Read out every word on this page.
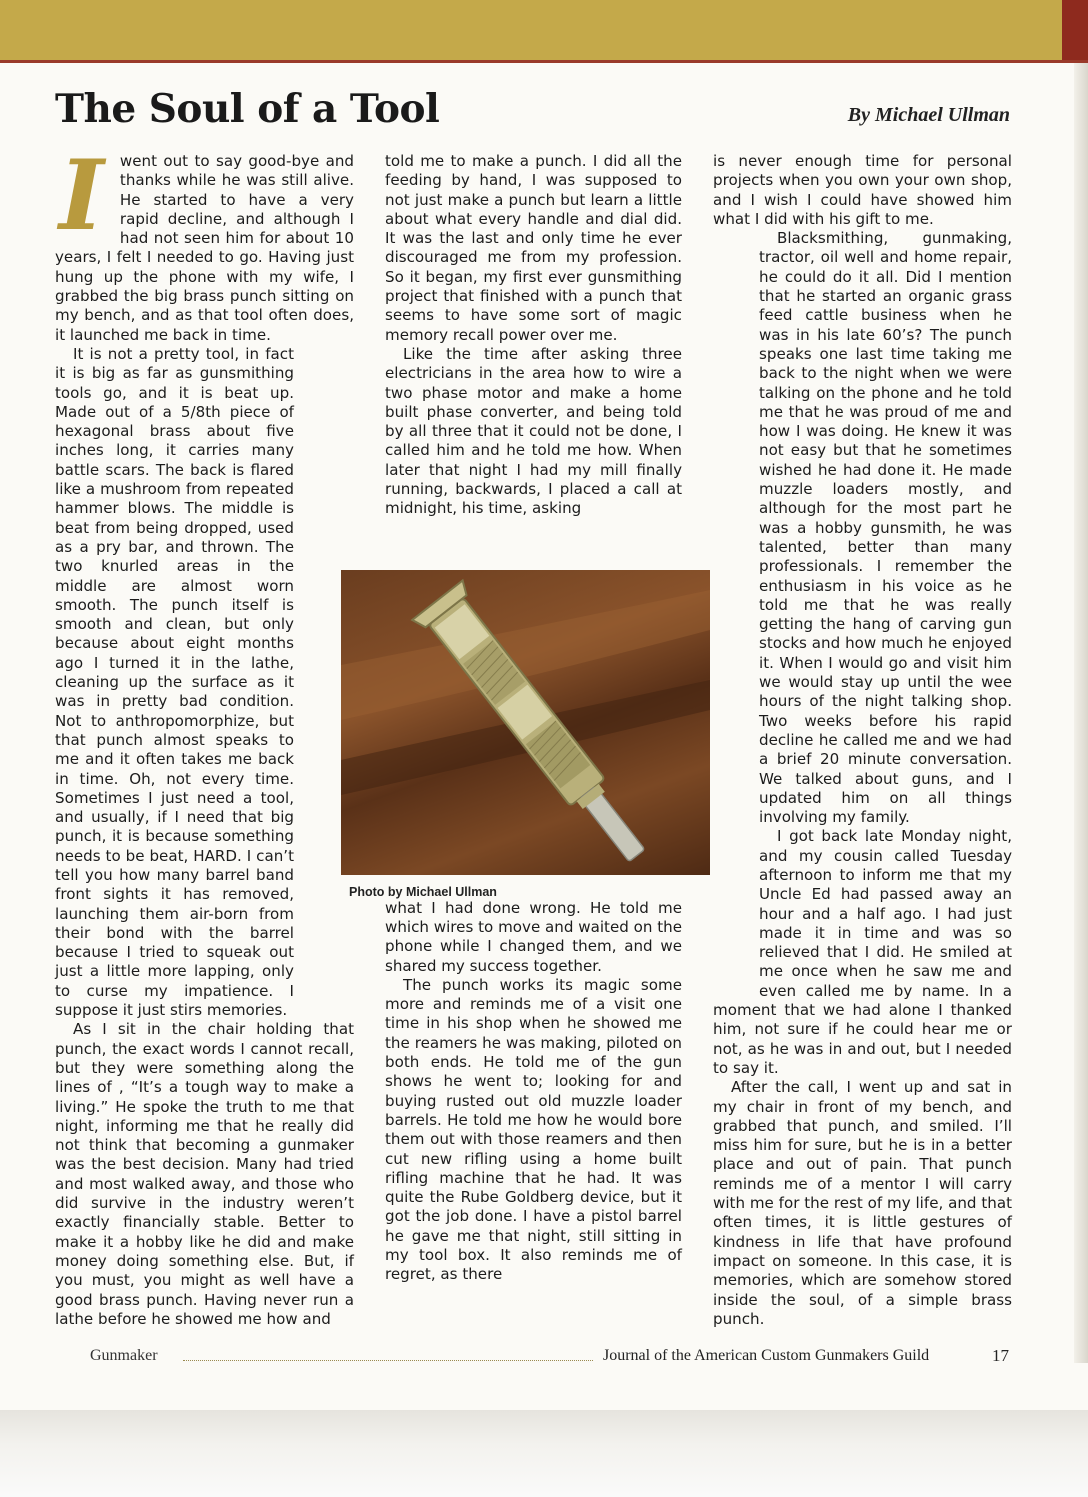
The Soul of a Tool	By Michael Ullman

I	went out to say good-bye and thanks while he was still alive. He started to have a very rapid decline, and although I had not seen him for about 10 years, I felt I needed to go. Having just hung up the phone with my wife, I grabbed the big brass punch sitting on my bench, and as that tool often does, it launched me back in time.

It is not a pretty tool, in fact it is big as far as gunsmithing tools go, and it is beat up. Made out of a 5/8th piece of hexagonal brass about five inches long, it carries many battle scars. The back is flared like a mushroom from repeated hammer blows. The middle is beat from being dropped, used as a pry bar, and thrown. The two knurled areas in the middle are almost worn smooth. The punch itself is smooth and clean, but only because about eight months ago I turned it in the lathe, cleaning up the surface as it was in pretty bad condition. Not to anthropomorphize, but that punch almost speaks to me and it often takes me back in time. Oh, not every time. Sometimes I just need a tool, and usually, if I need that big punch, it is because something needs to be beat, HARD. I can’t tell you how many barrel band front sights it has removed, launching them air-born from their bond with the barrel because I tried to squeak out just a little more lapping, only to curse my impatience. I suppose it just stirs memories.

As I sit in the chair holding that punch, the exact words I cannot recall, but they were something along the lines of , “It’s a tough way to make a living.” He spoke the truth to me that night, informing me that he really did not think that becoming a gunmaker was the best decision. Many had tried and most walked away, and those who did survive in the industry weren’t exactly financially stable. Better to make it a hobby like he did and make money doing something else. But, if you must, you might as well have a good brass punch. Having never run a lathe before he showed me how and

told me to make a punch. I did all the feeding by hand, I was supposed to not just make a punch but learn a little about what every handle and dial did. It was the last and only time he ever discouraged me from my profession. So it began, my first ever gunsmithing project that finished with a punch that seems to have some sort of magic memory recall power over me.

Like the time after asking three electricians in the area how to wire a two phase motor and make a home built phase converter, and being told by all three that it could not be done, I called him and he told me how. When later that night I had my mill finally running, backwards, I placed a call at midnight, his time, asking

what I had done wrong. He told me which wires to move and waited on the phone while I changed them, and we shared my success together.

The punch works its magic some more and reminds me of a visit one time in his shop when he showed me the reamers he was making, piloted on both ends. He told me of the gun shows he went to; looking for and buying rusted out old muzzle loader barrels. He told me how he would bore them out with those reamers and then cut new rifling using a home built rifling machine that he had. It was quite the Rube Goldberg device, but it got the job done. I have a pistol barrel he gave me that night, still sitting in my tool box. It also reminds me of regret, as there

is never enough time for personal projects when you own your own shop, and I wish I could have showed him what I did with his gift to me.

Blacksmithing, gunmaking, tractor, oil well and home repair, he could do it all. Did I mention that he started an organic grass feed cattle business when he was in his late 60’s? The punch speaks one last time taking me back to the night when we were talking on the phone and he told me that he was proud of me and how I was doing. He knew it was not easy but that he sometimes wished he had done it. He made muzzle loaders mostly, and although for the most part he was a hobby gunsmith, he was talented, better than many professionals. I remember the enthusiasm in his voice as he told me that he was really getting the hang of carving gun stocks and how much he enjoyed it. When I would go and visit him we would stay up until the wee hours of the night talking shop. Two weeks before his rapid decline he called me and we had a brief 20 minute conversation. We talked about guns, and I updated him on all things involving my family.

I got back late Monday night, and my cousin called Tuesday afternoon to inform me that my Uncle Ed had passed away an hour and a half ago. I had just made it in time and was so relieved that I did. He smiled at me once when he saw me and even called me by name. In a moment that we had alone I thanked him, not sure if he could hear me or not, as he was in and out, but I needed to say it.

After the call, I went up and sat in my chair in front of my bench, and grabbed that punch, and smiled. I’ll miss him for sure, but he is in a better place and out of pain. That punch reminds me of a mentor I will carry with me for the rest of my life, and that often times, it is little gestures of kindness in life that have profound impact on someone. In this case, it is memories, which are somehow stored inside the soul, of a simple brass punch.

Photo by Michael Ullman

Gunmaker	Journal of the American Custom Gunmakers Guild	17
